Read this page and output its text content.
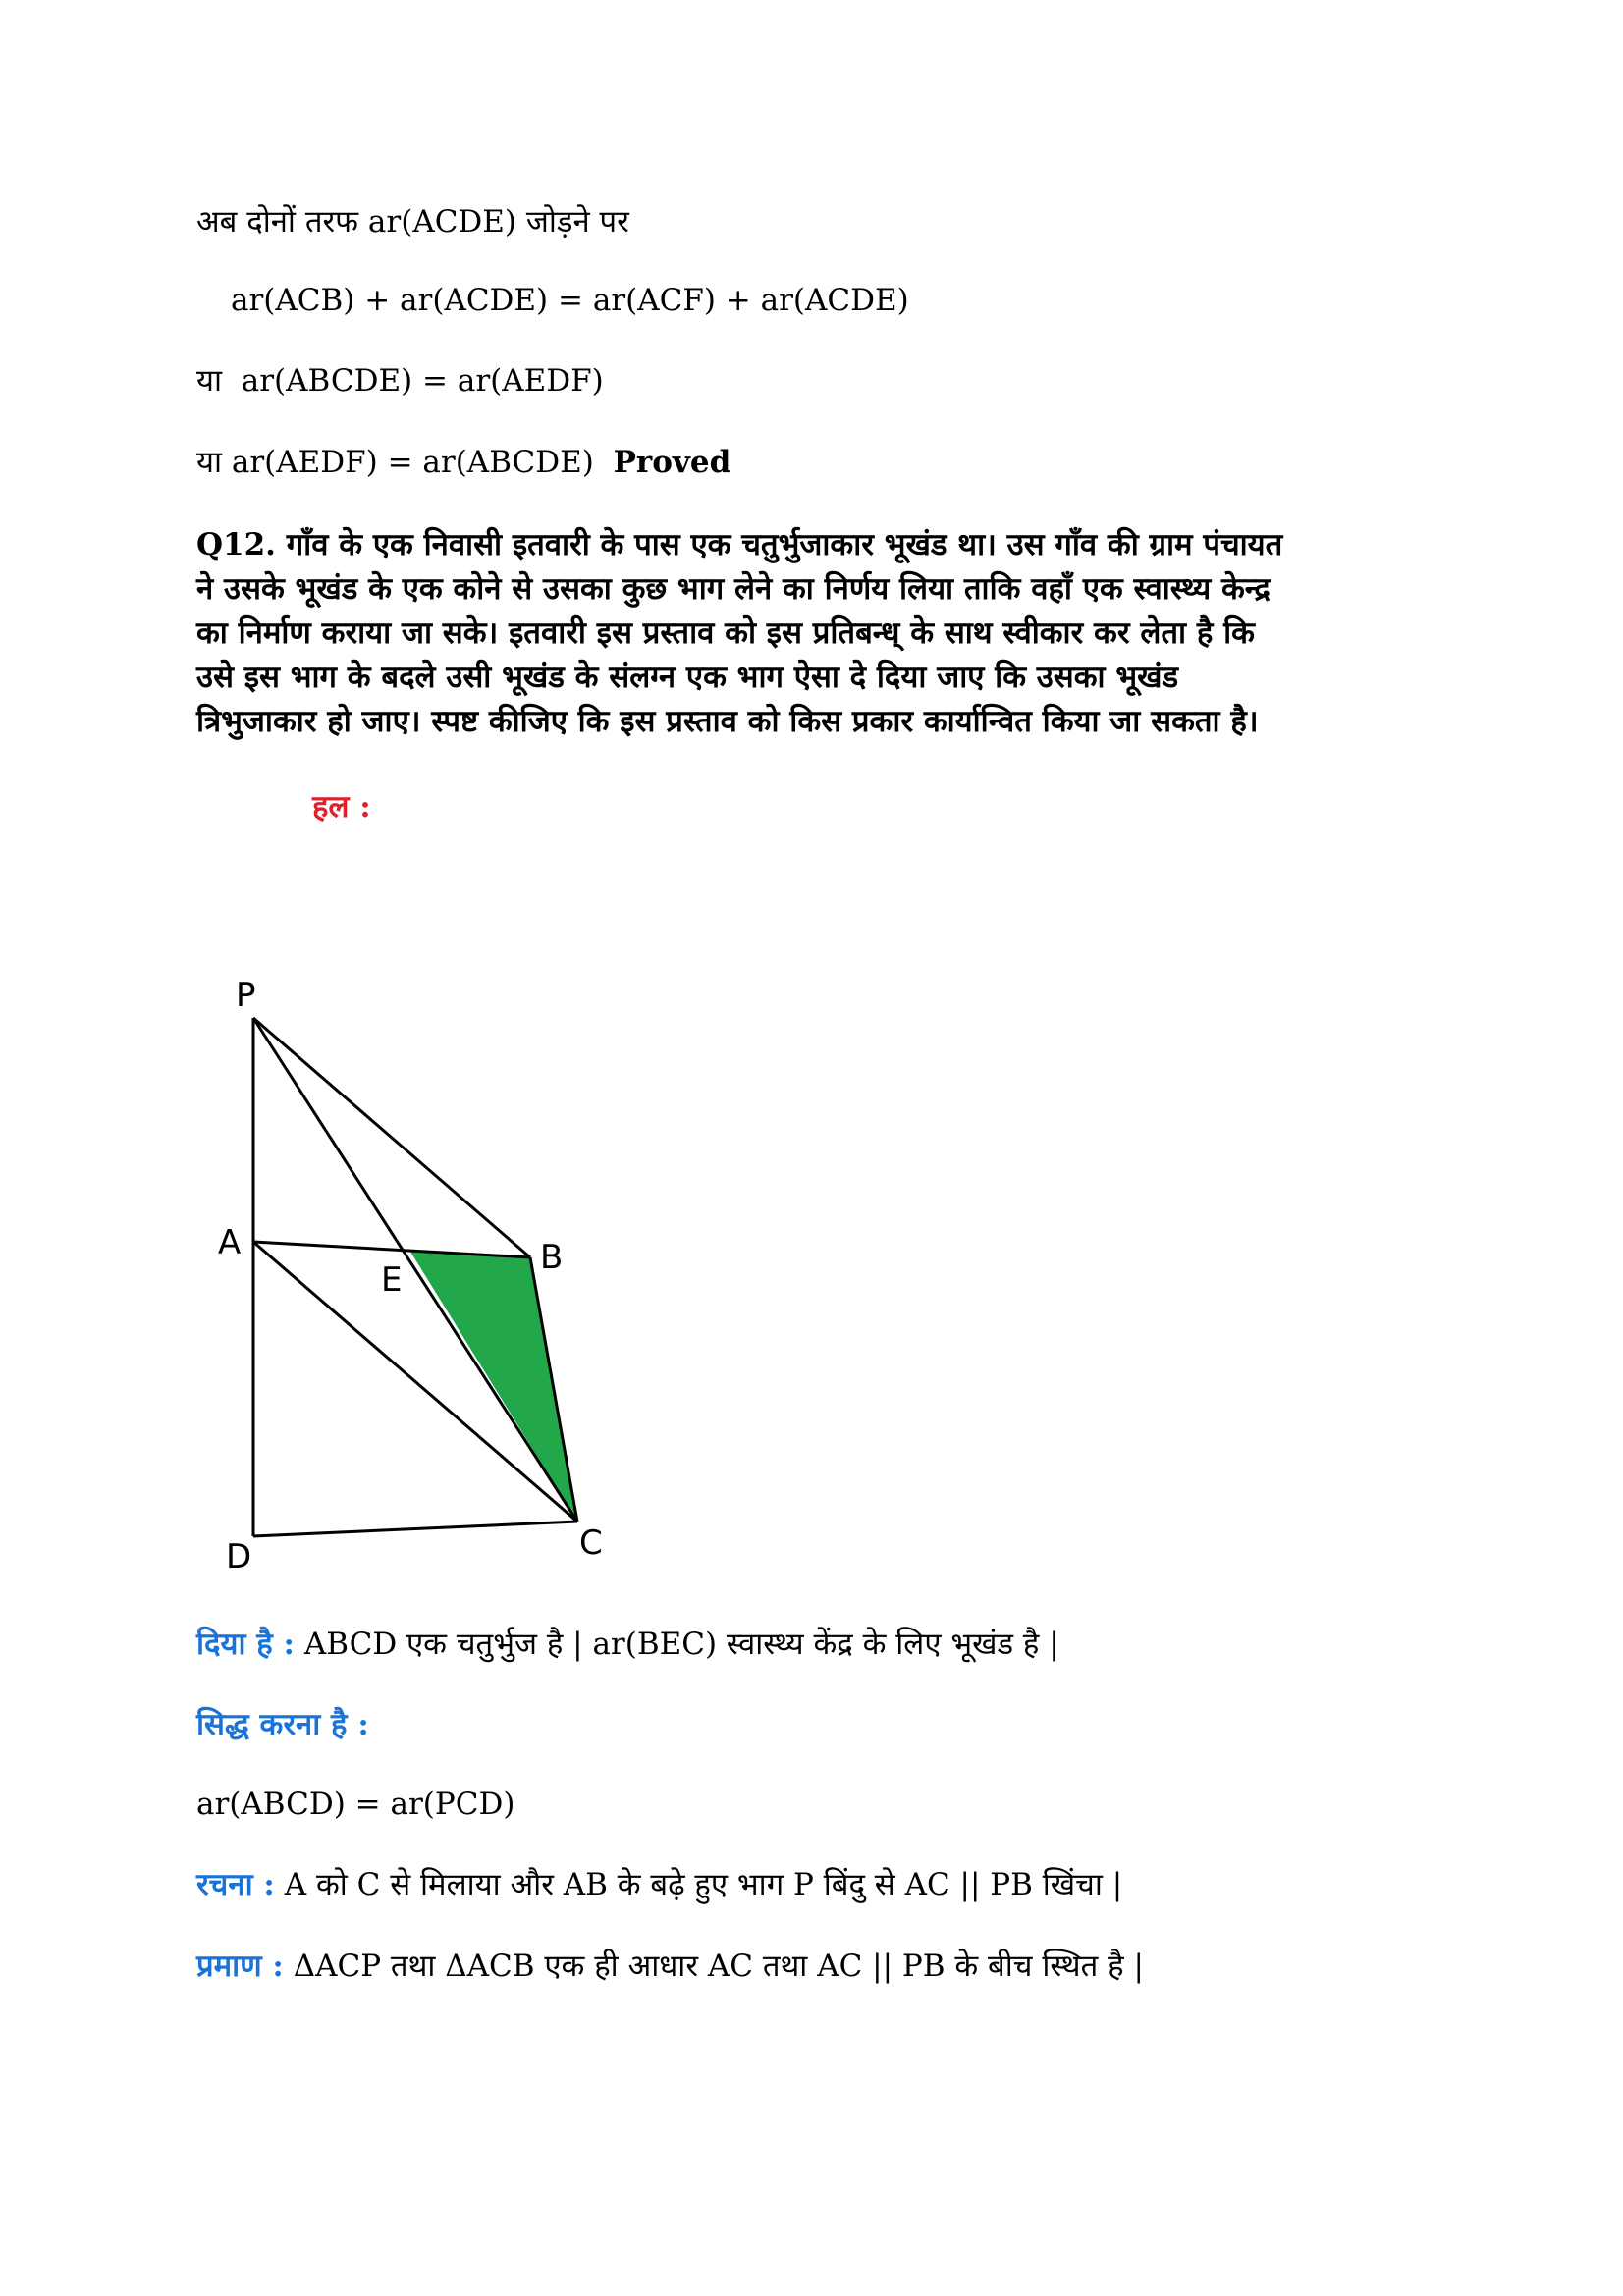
अब दोनों तरफ ar(ACDE) जोड़ने पर
ar(ACB) + ar(ACDE) = ar(ACF) + ar(ACDE)
या ar(ABCDE) = ar(AEDF)
या ar(AEDF) = ar(ABCDE) Proved
Q12. गाँव के एक निवासी इतवारी के पास एक चतुर्भुजाकार भूखंड था। उस गाँव की ग्राम पंचायत
ने उसके भूखंड के एक कोने से उसका कुछ भाग लेने का निर्णय लिया ताकि वहाँ एक स्वास्थ्य केन्द्र
का निर्माण कराया जा सके। इतवारी इस प्रस्ताव को इस प्रतिबन्ध् के साथ स्वीकार कर लेता है कि
उसे इस भाग के बदले उसी भूखंड के संलग्न एक भाग ऐसा दे दिया जाए कि उसका भूखंड
त्रिभुजाकार हो जाए। स्पष्ट कीजिए कि इस प्रस्ताव को किस प्रकार कार्यान्वित किया जा सकता है।
हल :
P
A	B
E
D	C
दिया है : ABCD एक चतुर्भुज है | ar(BEC) स्वास्थ्य केंद्र के लिए भूखंड है |
सिद्ध करना है :
ar(ABCD) = ar(PCD)
रचना : A को C से मिलाया और AB के बढ़े हुए भाग P बिंदु से AC || PB खिंचा |
प्रमाण : ΔACP तथा ΔACB एक ही आधार AC तथा AC || PB के बीच स्थित है |
